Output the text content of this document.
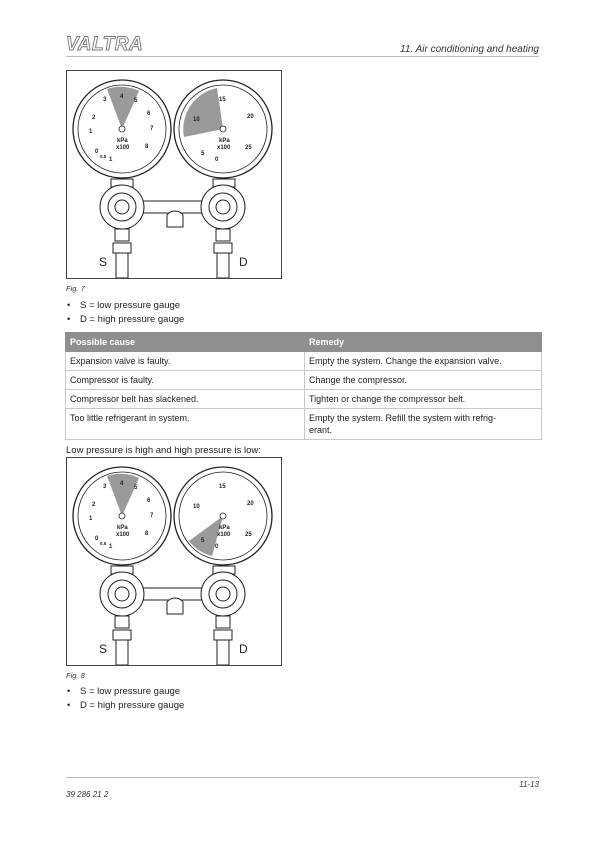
VALTRA	11. Air conditioning and heating
kPa
x100
0
0.5
1
1
2
3 4
5
6
7
8
kPa
x100
5
0
10
15
20
25
S	D
Fig. 7
• S = low pressure gauge
• D = high pressure gauge
Possible cause	Remedy
Expansion valve is faulty.	Empty the system. Change the expansion valve.
Compressor is faulty.	Change the compressor.
Compressor belt has slackened.	Tighten or change the compressor belt.
Too little refrigerant in system.	Empty the system. Refill the system with refrig-
erant.
Low pressure is high and high pressure is low:
kPa
x100
0
0.5
1
1
2
3 4
5
6
7
8
kPa
x100
5
0
10
15
20
25
S	D
Fig. 8
• S = low pressure gauge
• D = high pressure gauge
11-13
39 286 21 2
